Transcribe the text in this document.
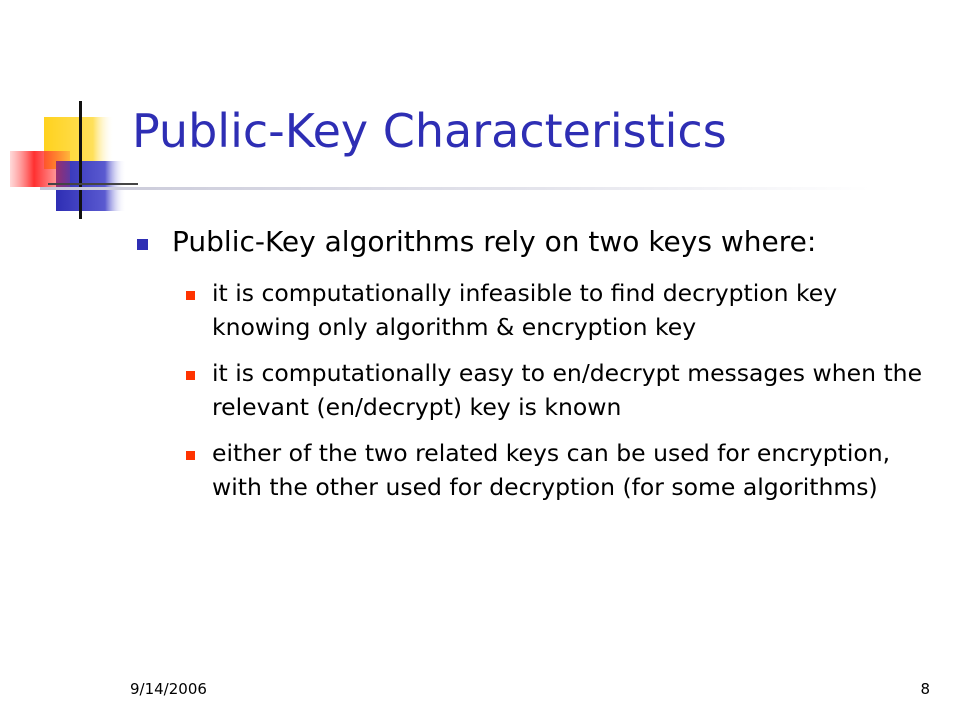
Public-Key Characteristics
Public-Key algorithms rely on two keys where:
it is computationally infeasible to find decryption key knowing only algorithm & encryption key
it is computationally easy to en/decrypt messages when the relevant (en/decrypt) key is known
either of the two related keys can be used for encryption, with the other used for decryption (for some algorithms)
9/14/2006	8
